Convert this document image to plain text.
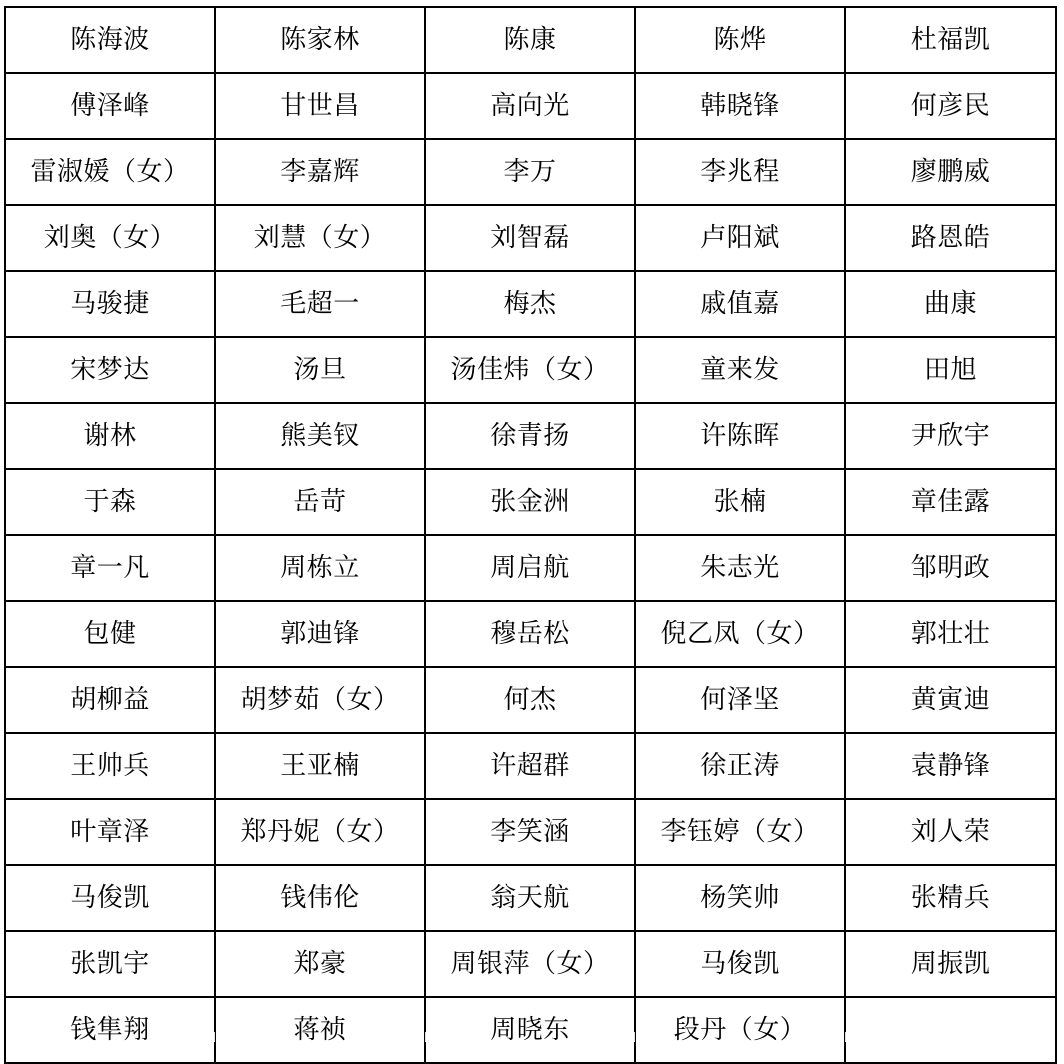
陈海波	陈家林	陈康	陈烨	杜福凯
傅泽峰	甘世昌	高向光	韩晓锋	何彦民
雷淑媛（女）	李嘉辉	李万	李兆程	廖鹏威
刘奥（女）	刘慧（女）	刘智磊	卢阳斌	路恩皓
马骏捷	毛超一	梅杰	戚值嘉	曲康
宋梦达	汤旦	汤佳炜（女）	童来发	田旭
谢林	熊美钗	徐青扬	许陈晖	尹欣宇
于森	岳苛	张金洲	张楠	章佳露
章一凡	周栋立	周启航	朱志光	邹明政
包健	郭迪锋	穆岳松	倪乙凤（女）	郭壮壮
胡柳益	胡梦茹（女）	何杰	何泽坚	黄寅迪
王帅兵	王亚楠	许超群	徐正涛	袁静锋
叶章泽	郑丹妮（女）	李笑涵	李钰婷（女）	刘人荣
马俊凯	钱伟伦	翁天航	杨笑帅	张精兵
张凯宇	郑豪	周银萍（女）	马俊凯	周振凯
钱隼翔	蒋祯	周晓东	段丹（女）	
